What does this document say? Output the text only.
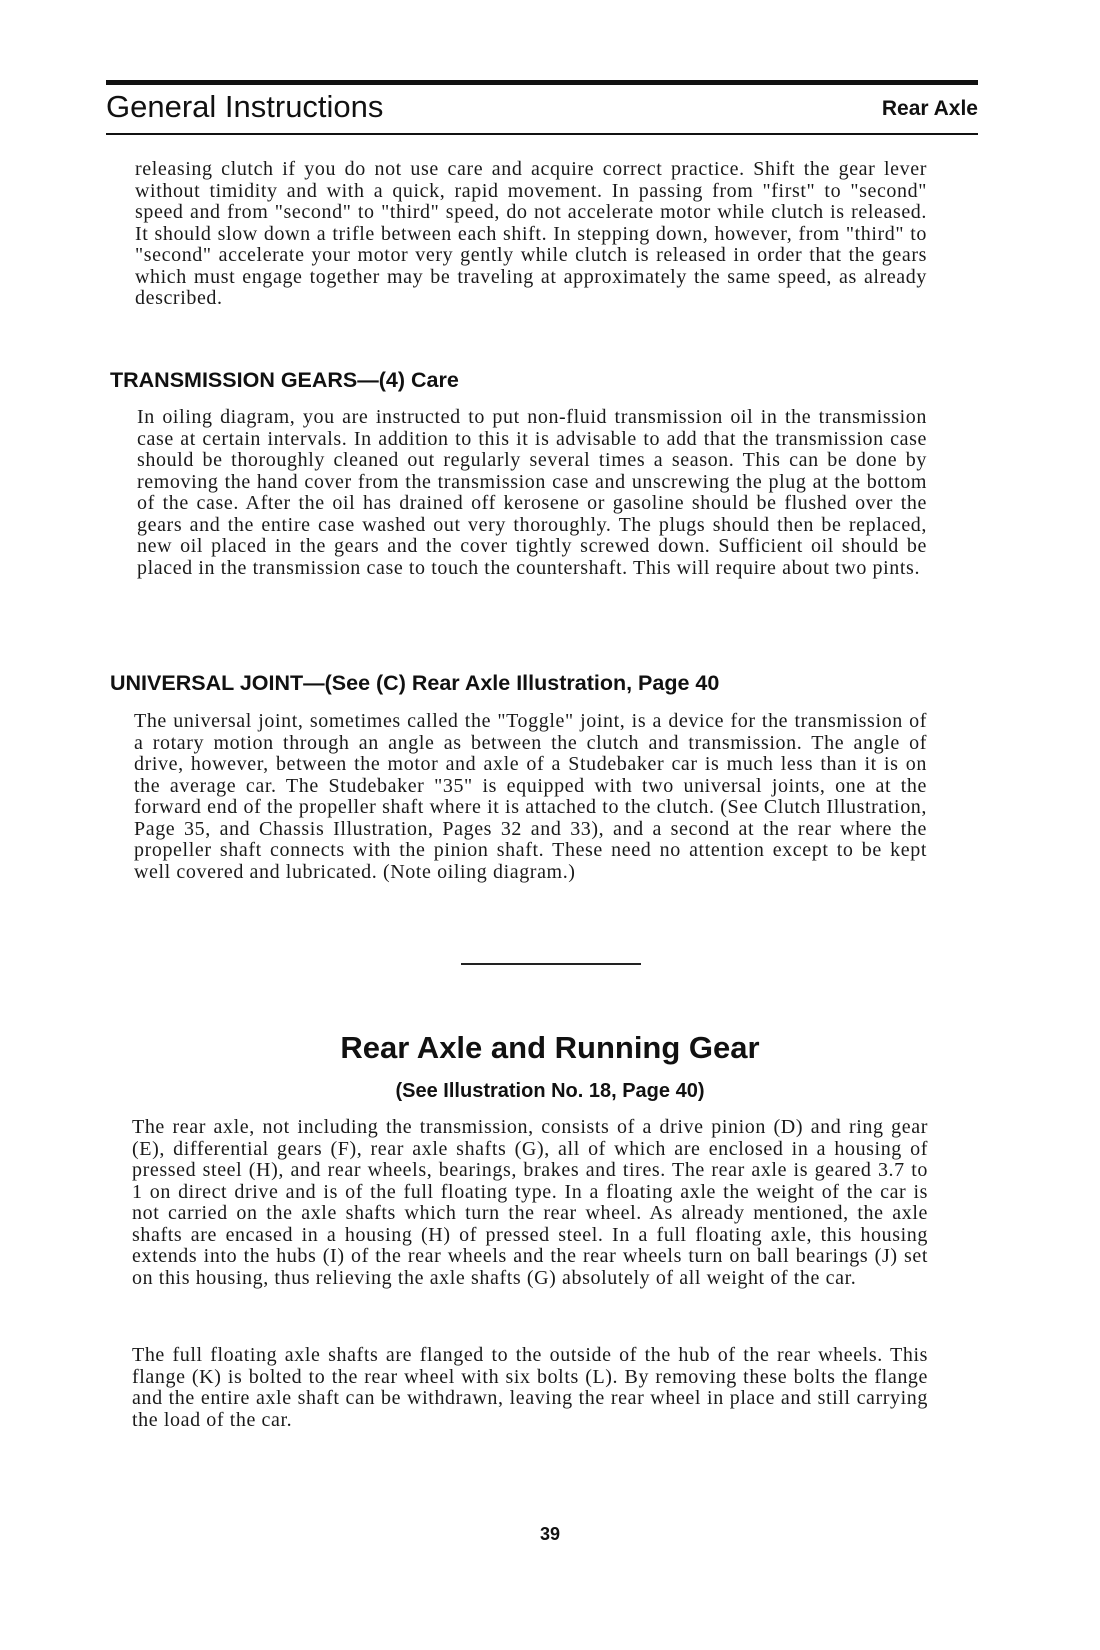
General Instructions	Rear Axle

releasing clutch if you do not use care and acquire correct practice. Shift the gear lever without timidity and with a quick, rapid movement. In passing from "first" to "second" speed and from "second" to "third" speed, do not accelerate motor while clutch is released. It should slow down a trifle between each shift. In stepping down, however, from "third" to "second" accelerate your motor very gently while clutch is released in order that the gears which must engage together may be traveling at approximately the same speed, as already described.

TRANSMISSION GEARS—(4) Care

In oiling diagram, you are instructed to put non-fluid transmission oil in the transmission case at certain intervals. In addition to this it is advisable to add that the transmission case should be thoroughly cleaned out regularly several times a season. This can be done by removing the hand cover from the transmission case and unscrewing the plug at the bottom of the case. After the oil has drained off kerosene or gasoline should be flushed over the gears and the entire case washed out very thoroughly. The plugs should then be replaced, new oil placed in the gears and the cover tightly screwed down. Sufficient oil should be placed in the transmission case to touch the countershaft. This will require about two pints.

UNIVERSAL JOINT—(See (C) Rear Axle Illustration, Page 40

The universal joint, sometimes called the "Toggle" joint, is a device for the transmission of a rotary motion through an angle as between the clutch and transmission. The angle of drive, however, between the motor and axle of a Studebaker car is much less than it is on the average car. The Studebaker "35" is equipped with two universal joints, one at the forward end of the propeller shaft where it is attached to the clutch. (See Clutch Illustration, Page 35, and Chassis Illustration, Pages 32 and 33), and a second at the rear where the propeller shaft connects with the pinion shaft. These need no attention except to be kept well covered and lubricated. (Note oiling diagram.)

Rear Axle and Running Gear
(See Illustration No. 18, Page 40)

The rear axle, not including the transmission, consists of a drive pinion (D) and ring gear (E), differential gears (F), rear axle shafts (G), all of which are enclosed in a housing of pressed steel (H), and rear wheels, bearings, brakes and tires. The rear axle is geared 3.7 to 1 on direct drive and is of the full floating type. In a floating axle the weight of the car is not carried on the axle shafts which turn the rear wheel. As already mentioned, the axle shafts are encased in a housing (H) of pressed steel. In a full floating axle, this housing extends into the hubs (I) of the rear wheels and the rear wheels turn on ball bearings (J) set on this housing, thus relieving the axle shafts (G) absolutely of all weight of the car.

The full floating axle shafts are flanged to the outside of the hub of the rear wheels. This flange (K) is bolted to the rear wheel with six bolts (L). By removing these bolts the flange and the entire axle shaft can be withdrawn, leaving the rear wheel in place and still carrying the load of the car.

39
